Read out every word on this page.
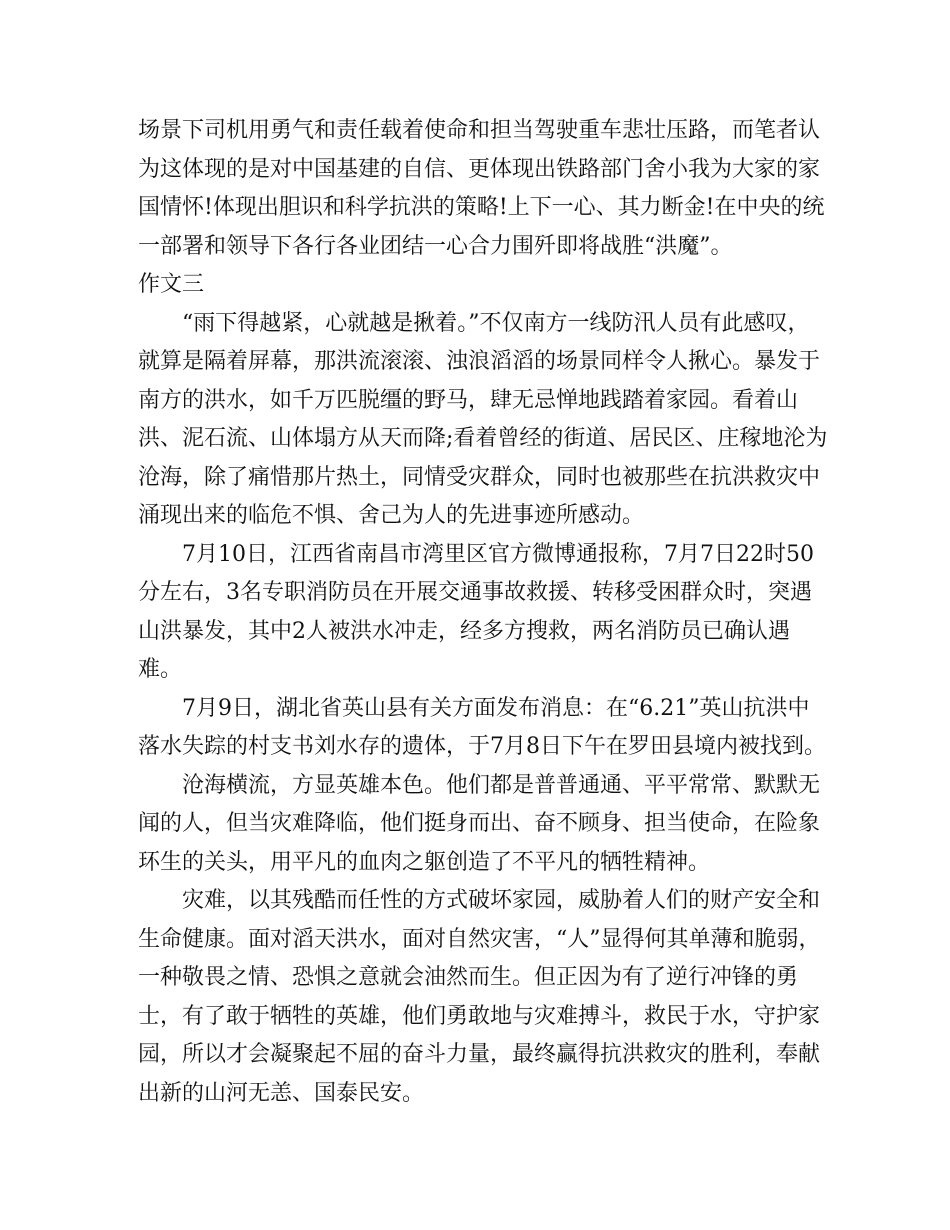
场景下司机用勇气和责任载着使命和担当驾驶重车悲壮压路，而笔者认为这体现的是对中国基建的自信、更体现出铁路部门舍小我为大家的家国情怀!体现出胆识和科学抗洪的策略!上下一心、其力断金!在中央的统一部署和领导下各行各业团结一心合力围歼即将战胜“洪魔”。

作文三

“雨下得越紧，心就越是揪着。”不仅南方一线防汛人员有此感叹，就算是隔着屏幕，那洪流滚滚、浊浪滔滔的场景同样令人揪心。暴发于南方的洪水，如千万匹脱缰的野马，肆无忌惮地践踏着家园。看着山洪、泥石流、山体塌方从天而降;看着曾经的街道、居民区、庄稼地沦为沧海，除了痛惜那片热土，同情受灾群众，同时也被那些在抗洪救灾中涌现出来的临危不惧、舍己为人的先进事迹所感动。

7月10日，江西省南昌市湾里区官方微博通报称，7月7日22时50分左右，3名专职消防员在开展交通事故救援、转移受困群众时，突遇山洪暴发，其中2人被洪水冲走，经多方搜救，两名消防员已确认遇难。

7月9日，湖北省英山县有关方面发布消息：在“6.21”英山抗洪中落水失踪的村支书刘水存的遗体，于7月8日下午在罗田县境内被找到。

沧海横流，方显英雄本色。他们都是普普通通、平平常常、默默无闻的人，但当灾难降临，他们挺身而出、奋不顾身、担当使命，在险象环生的关头，用平凡的血肉之躯创造了不平凡的牺牲精神。

灾难，以其残酷而任性的方式破坏家园，威胁着人们的财产安全和生命健康。面对滔天洪水，面对自然灾害，“人”显得何其单薄和脆弱，一种敬畏之情、恐惧之意就会油然而生。但正因为有了逆行冲锋的勇士，有了敢于牺牲的英雄，他们勇敢地与灾难搏斗，救民于水，守护家园，所以才会凝聚起不屈的奋斗力量，最终赢得抗洪救灾的胜利，奉献出新的山河无恙、国泰民安。
